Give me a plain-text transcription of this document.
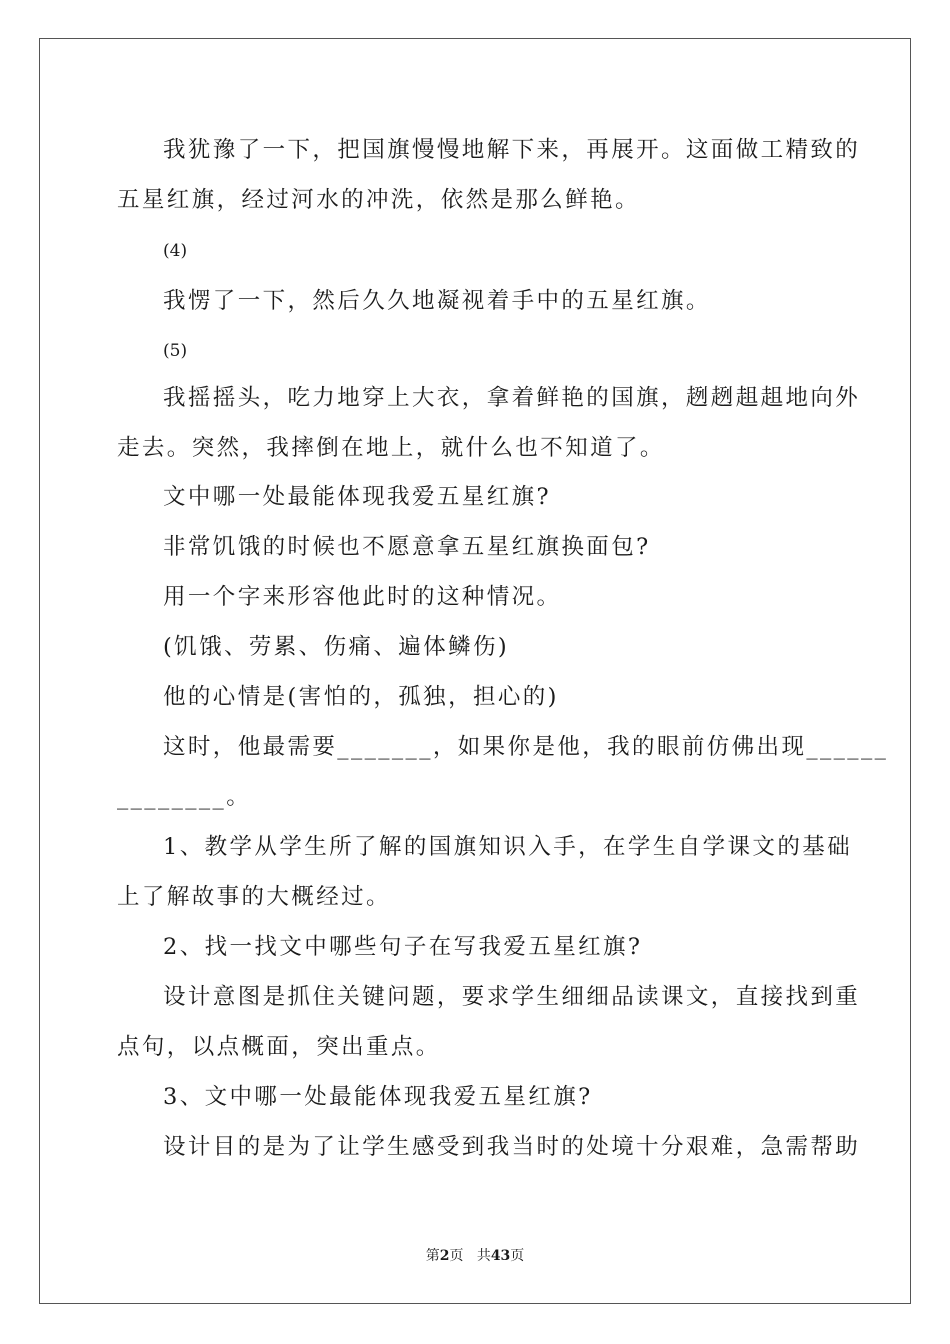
我犹豫了一下，把国旗慢慢地解下来，再展开。这面做工精致的
五星红旗，经过河水的冲洗，依然是那么鲜艳。
(4)
我愣了一下，然后久久地凝视着手中的五星红旗。
(5)
我摇摇头，吃力地穿上大衣，拿着鲜艳的国旗，趔趔趄趄地向外
走去。突然，我摔倒在地上，就什么也不知道了。
文中哪一处最能体现我爱五星红旗?
非常饥饿的时候也不愿意拿五星红旗换面包?
用一个字来形容他此时的这种情况。
(饥饿、劳累、伤痛、遍体鳞伤)
他的心情是(害怕的，孤独，担心的)
这时，他最需要_______，如果你是他，我的眼前仿佛出现______
________。
1、教学从学生所了解的国旗知识入手，在学生自学课文的基础
上了解故事的大概经过。
2、找一找文中哪些句子在写我爱五星红旗?
设计意图是抓住关键问题，要求学生细细品读课文，直接找到重
点句，以点概面，突出重点。
3、文中哪一处最能体现我爱五星红旗?
设计目的是为了让学生感受到我当时的处境十分艰难，急需帮助
第2页 共43页
